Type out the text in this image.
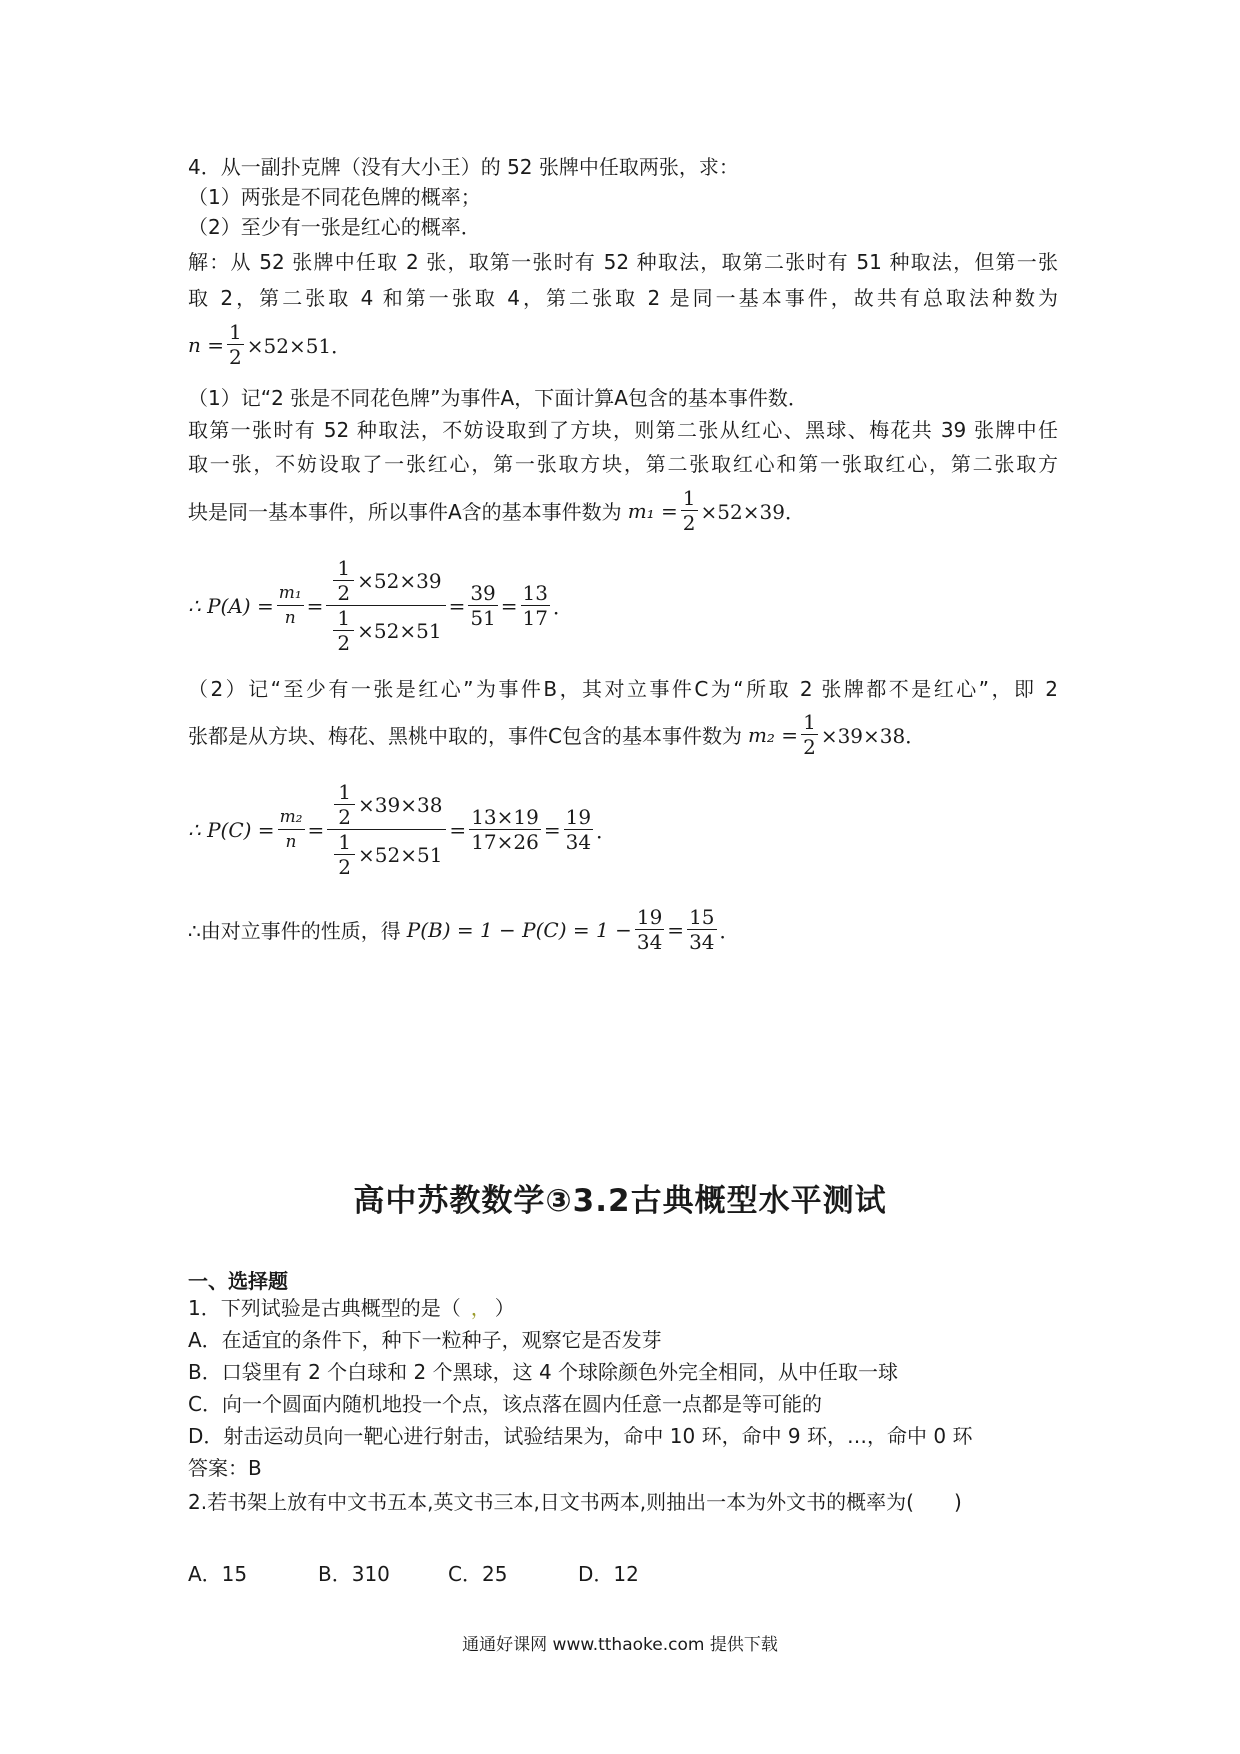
4．从一副扑克牌（没有大小王）的 52 张牌中任取两张，求：
（1）两张是不同花色牌的概率；
（2）至少有一张是红心的概率．
解：从 52 张牌中任取 2 张，取第一张时有 52 种取法，取第二张时有 51 种取法，但第一张
取 2，第二张取 4 和第一张取 4，第二张取 2 是同一基本事件，故共有总取法种数为
$n = \frac{1}{2} \times 52\times 51$．
（1）记“2 张是不同花色牌”为事件A，下面计算A包含的基本事件数．
取第一张时有 52 种取法，不妨设取到了方块，则第二张从红心、黑球、梅花共 39 张牌中任
取一张，不妨设取了一张红心，第一张取方块，第二张取红心和第一张取红心，第二张取方
块是同一基本事件，所以事件A含的基本事件数为 $m_1 = \frac{1}{2} \times 52\times 39$．
∴ $P(A) = \frac{\text{m₁}}{n} = \frac{\frac{1}{2} \times 52\times 39}{\frac{1}{2} \times 52\times 51} = \frac{39}{51} = \frac{13}{17}$ ．
（2）记“至少有一张是红心”为事件B，其对立事件C为“所取 2 张牌都不是红心”，即 2
张都是从方块、梅花、黑桃中取的，事件C包含的基本事件数为 $m_2 = \frac{1}{2} \times 39\times 38$．
∴ $P(C) = \frac{\text{m₂}}{n} = \frac{\frac{1}{2} \times 39\times 38}{\frac{1}{2} \times 52\times 51} = \frac{13\times 19}{17\times 26} = \frac{19}{34}$ ．
∴由对立事件的性质，得 $P(B) = 1 - P(C) = 1 - \frac{19}{34} = \frac{15}{34}$ ．
高中苏教数学③3.2古典概型水平测试
一、选择题
1．下列试验是古典概型的是（ ， ）
A．在适宜的条件下，种下一粒种子，观察它是否发芽
B．口袋里有 2 个白球和 2 个黑球，这 4 个球除颜色外完全相同，从中任取一球
C．向一个圆面内随机地投一个点，该点落在圆内任意一点都是等可能的
D．射击运动员向一靶心进行射击，试验结果为，命中 10 环，命中 9 环，…，命中 0 环
答案：B
2.若书架上放有中文书五本,英文书三本,日文书两本,则抽出一本为外文书的概率为(　　)
A．15	B．310	C．25	D．12
通通好课网 www.tthaoke.com 提供下载
